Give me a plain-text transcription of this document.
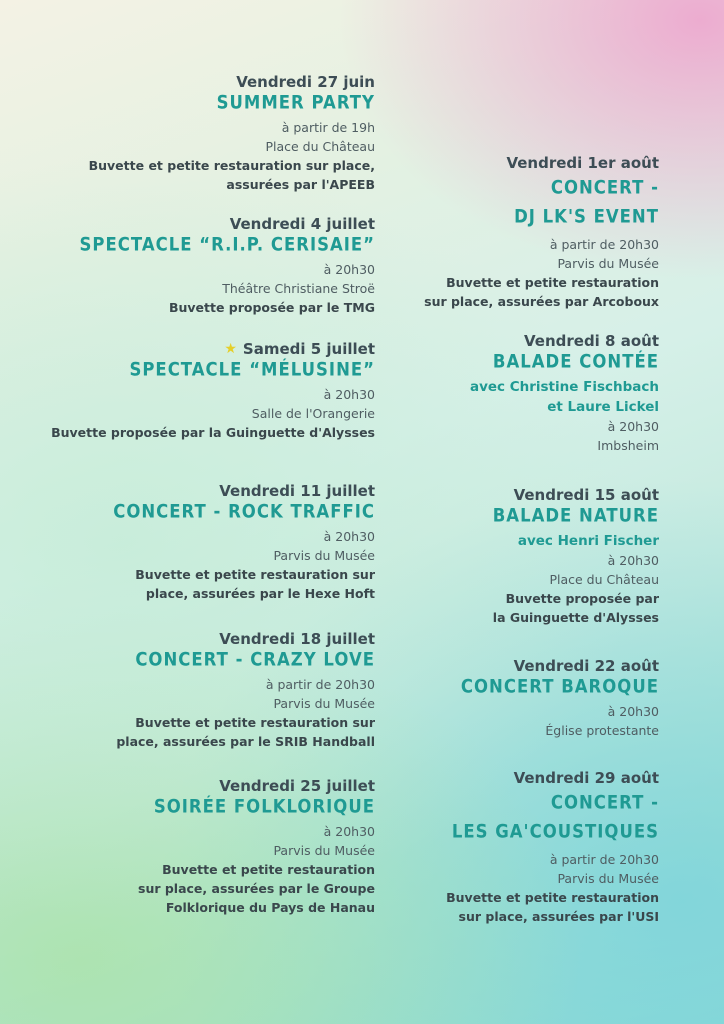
Vendredi 27 juin

SUMMER PARTY

à partir de 19h

Place du Château

Buvette et petite restauration sur place,

assurées par l'APEEB

Vendredi 4 juillet

SPECTACLE “R.I.P. CERISAIE”

à 20h30

Théâtre Christiane Stroë

Buvette proposée par le TMG

★ Samedi 5 juillet

SPECTACLE “MÉLUSINE”

à 20h30

Salle de l'Orangerie

Buvette proposée par la Guinguette d'Alysses

Vendredi 11 juillet

CONCERT - ROCK TRAFFIC

à 20h30

Parvis du Musée

Buvette et petite restauration sur

place, assurées par le Hexe Hoft

Vendredi 18 juillet

CONCERT - CRAZY LOVE

à partir de 20h30

Parvis du Musée

Buvette et petite restauration sur

place, assurées par le SRIB Handball

Vendredi 25 juillet

SOIRÉE FOLKLORIQUE

à 20h30

Parvis du Musée

Buvette et petite restauration

sur place, assurées par le Groupe

Folklorique du Pays de Hanau

Vendredi 1er août

CONCERT -

DJ LK'S EVENT

à partir de 20h30

Parvis du Musée

Buvette et petite restauration

sur place, assurées par Arcoboux

Vendredi 8 août

BALADE CONTÉE

avec Christine Fischbach

et Laure Lickel

à 20h30

Imbsheim

Vendredi 15 août

BALADE NATURE

avec Henri Fischer

à 20h30

Place du Château

Buvette proposée par

la Guinguette d'Alysses

Vendredi 22 août

CONCERT BAROQUE

à 20h30

Église protestante

Vendredi 29 août

CONCERT -

LES GA'COUSTIQUES

à partir de 20h30

Parvis du Musée

Buvette et petite restauration

sur place, assurées par l'USI
